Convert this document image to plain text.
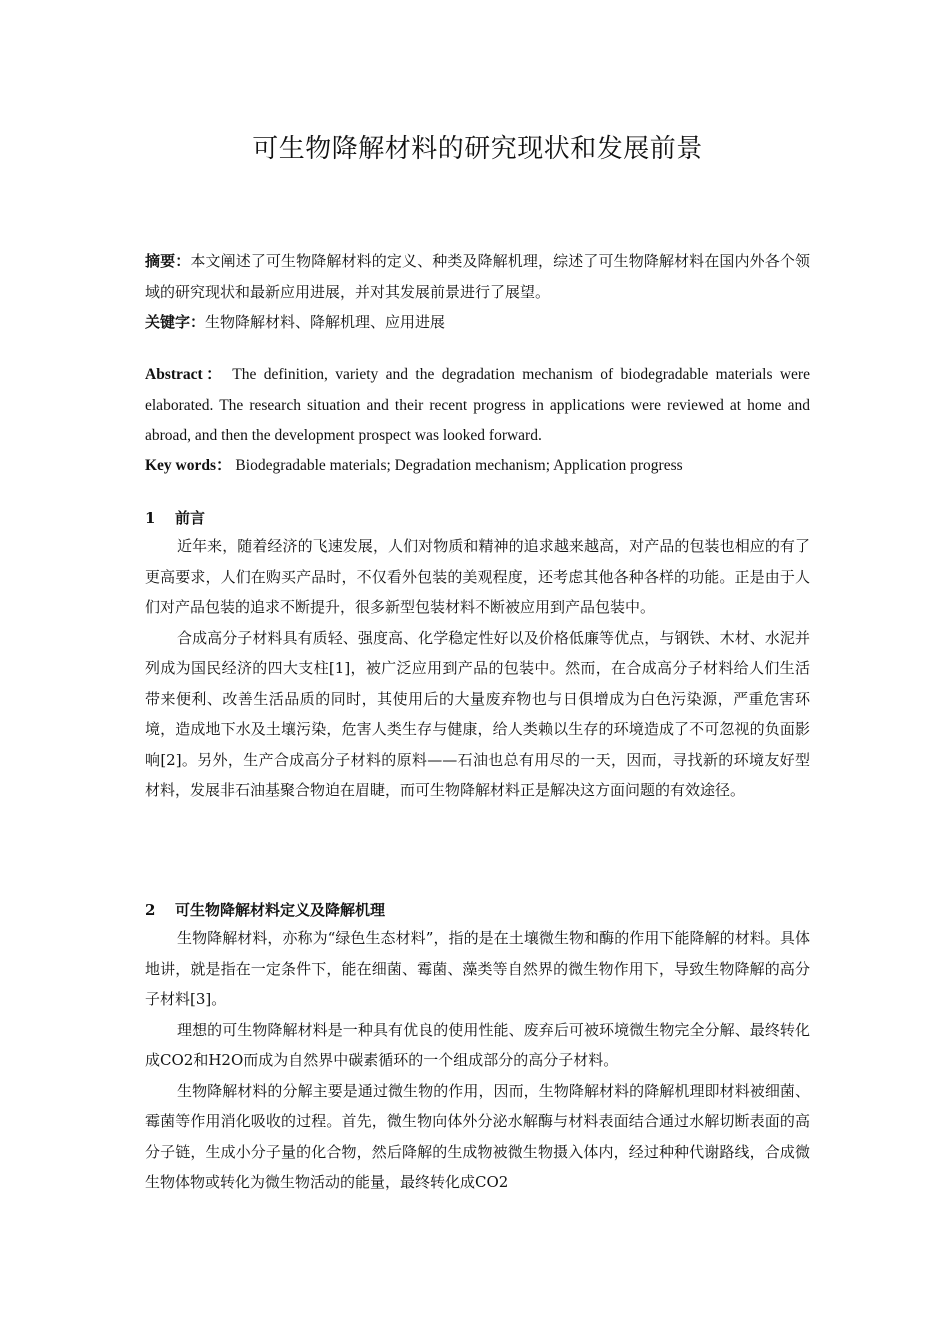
可生物降解材料的研究现状和发展前景

摘要：本文阐述了可生物降解材料的定义、种类及降解机理，综述了可生物降解材料在国内外各个领域的研究现状和最新应用进展，并对其发展前景进行了展望。

关键字：生物降解材料、降解机理、应用进展

Abstract： The definition, variety and the degradation mechanism of biodegradable materials were elaborated. The research situation and their recent progress in applications were reviewed at home and abroad, and then the development prospect was looked forward.

Key words： Biodegradable materials; Degradation mechanism; Application progress

1 前言

近年来，随着经济的飞速发展，人们对物质和精神的追求越来越高，对产品的包装也相应的有了更高要求，人们在购买产品时，不仅看外包装的美观程度，还考虑其他各种各样的功能。正是由于人们对产品包装的追求不断提升，很多新型包装材料不断被应用到产品包装中。

合成高分子材料具有质轻、强度高、化学稳定性好以及价格低廉等优点，与钢铁、木材、水泥并列成为国民经济的四大支柱[1]，被广泛应用到产品的包装中。然而，在合成高分子材料给人们生活带来便利、改善生活品质的同时，其使用后的大量废弃物也与日俱增成为白色污染源，严重危害环境，造成地下水及土壤污染，危害人类生存与健康，给人类赖以生存的环境造成了不可忽视的负面影响[2]。另外，生产合成高分子材料的原料——石油也总有用尽的一天，因而，寻找新的环境友好型材料，发展非石油基聚合物迫在眉睫，而可生物降解材料正是解决这方面问题的有效途径。

2 可生物降解材料定义及降解机理

生物降解材料，亦称为“绿色生态材料”，指的是在土壤微生物和酶的作用下能降解的材料。具体地讲，就是指在一定条件下，能在细菌、霉菌、藻类等自然界的微生物作用下，导致生物降解的高分子材料[3]。

理想的可生物降解材料是一种具有优良的使用性能、废弃后可被环境微生物完全分解、最终转化成CO2和H2O而成为自然界中碳素循环的一个组成部分的高分子材料。

生物降解材料的分解主要是通过微生物的作用，因而，生物降解材料的降解机理即材料被细菌、霉菌等作用消化吸收的过程。首先，微生物向体外分泌水解酶与材料表面结合通过水解切断表面的高分子链，生成小分子量的化合物，然后降解的生成物被微生物摄入体内，经过种种代谢路线，合成微生物体物或转化为微生物活动的能量，最终转化成CO2
